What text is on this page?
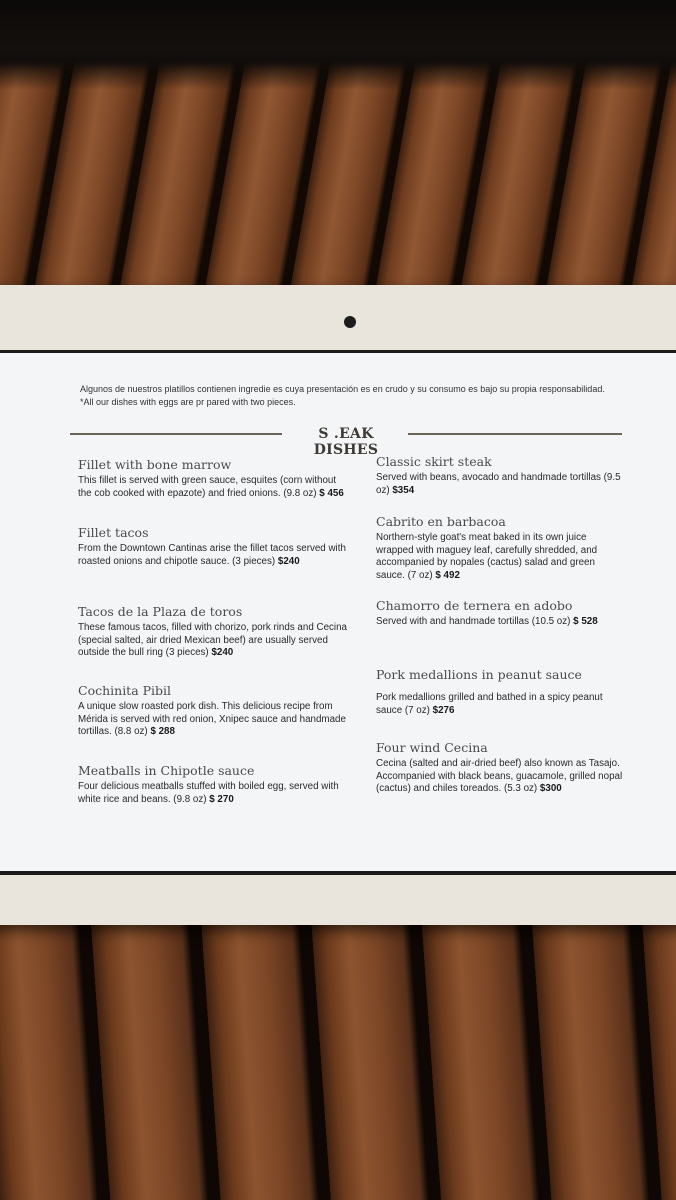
Algunos de nuestros platillos contienen ingredie es cuya presentación es en crudo y su consumo es bajo su propia responsabilidad. *All our dishes with eggs are pr pared with two pieces.
S .EAK DISHES
Fillet with bone marrow
This fillet is served with green sauce, esquites (corn without the cob cooked with epazote) and fried onions. (9.8 oz) $ 456
Fillet tacos
From the Downtown Cantinas arise the fillet tacos served with roasted onions and chipotle sauce. (3 pieces) $240
Tacos de la Plaza de toros
These famous tacos, filled with chorizo, pork rinds and Cecina (special salted, air dried Mexican beef) are usually served outside the bull ring (3 pieces) $240
Cochinita Pibil
A unique slow roasted pork dish. This delicious recipe from Mérida is served with red onion, Xnipec sauce and handmade tortillas. (8.8 oz) $ 288
Meatballs in Chipotle sauce
Four delicious meatballs stuffed with boiled egg, served with white rice and beans. (9.8 oz) $ 270
Classic skirt steak
Served with beans, avocado and handmade tortillas (9.5 oz) $354
Cabrito en barbacoa
Northern-style goat's meat baked in its own juice wrapped with maguey leaf, carefully shredded, and accompanied by nopales (cactus) salad and green sauce. (7 oz) $ 492
Chamorro de ternera en adobo
Served with and handmade tortillas (10.5 oz) $ 528
Pork medallions in peanut sauce
Pork medallions grilled and bathed in a spicy peanut sauce (7 oz) $276
Four wind Cecina
Cecina (salted and air-dried beef) also known as Tasajo. Accompanied with black beans, guacamole, grilled nopal (cactus) and chiles toreados. (5.3 oz) $300
